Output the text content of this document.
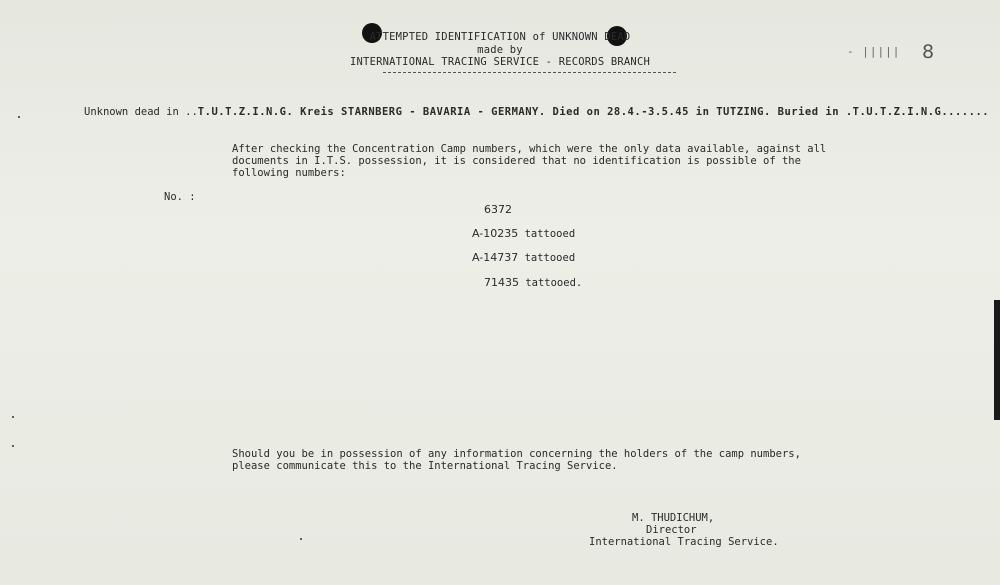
ATTEMPTED IDENTIFICATION of UNKNOWN DEAD
made by
INTERNATIONAL TRACING SERVICE - RECORDS BRANCH
- ||||| 8
Unknown dead in ..T.U.T.Z.I.N.G. Kreis STARNBERG - BAVARIA - GERMANY. Died on 28.4.-3.5.45 in TUTZING. Buried in .T.U.T.Z.I.N.G.......
After checking the Concentration Camp numbers, which were the only data available, against all
documents in I.T.S. possession, it is considered that no identification is possible of the
following numbers:
No. :
6372
A-10235 tattooed
A-14737 tattooed
71435 tattooed.
Should you be in possession of any information concerning the holders of the camp numbers,
please communicate this to the International Tracing Service.
M. THUDICHUM,
Director
International Tracing Service.
